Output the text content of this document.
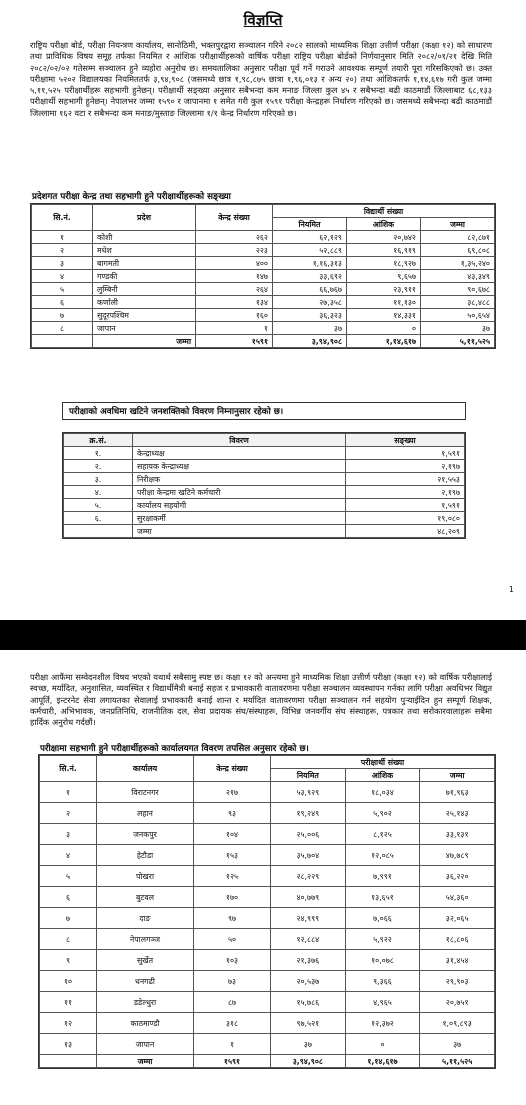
विज्ञप्ति
राष्ट्रिय परीक्षा बोर्ड, परीक्षा नियन्त्रण कार्यालय, सानोठिमी, भक्तपुरद्वारा सञ्चालन गरिने २०८२ सालको माध्यमिक शिक्षा उत्तीर्ण परीक्षा (कक्षा १२) को साधारण तथा प्राविधिक विषय समूह तर्फका नियमित र आंशिक परीक्षार्थीहरूको वार्षिक परीक्षा राष्ट्रिय परीक्षा बोर्डको निर्णयानुसार मिति २०८२/०१/२१ देखि मिति २०८२/०२/०२ गतेसम्म सञ्चालन हुने व्यहोरा अनुरोध छ। समयतालिका अनुसार परीक्षा पूर्व गर्ने गराउने आवश्यक सम्पूर्ण तयारी पूरा गरिसकिएको छ। उक्त परीक्षामा ५२०२ विद्यालयका नियमिततर्फ ३,९४,९०८ (जसमध्ये छात्र १,९८,८७५ छात्रा १,९६,०१३ र अन्य २०) तथा आंशिकतर्फ १,१४,६१७ गरी कुल जम्मा ५,११,५२५ परीक्षार्थीहरू सहभागी हुनेछन्। परीक्षार्थी सङ्ख्या अनुसार सबैभन्दा कम मनाङ जिल्ला कुल ४५ र सबैभन्दा बढी काठमाडौं जिल्लाबाट ६८,१३३ परीक्षार्थी सहभागी हुनेछन्। नेपालभर जम्मा १५९० र जापानमा १ समेत गरी कुल १५९१ परीक्षा केन्द्रहरू निर्धारण गरिएको छ। जसमध्ये सबैभन्दा बढी काठमाडौं जिल्लामा १६२ वटा र सबैभन्दा कम मनाङ/मुस्ताङ जिल्लामा १/१ केन्द्र निर्धारण गरिएको छ।
प्रदेशगत परीक्षा केन्द्र तथा सहभागी हुने परीक्षार्थीहरूको सङ्ख्या
सि.नं.	प्रदेश	केन्द्र संख्या	विद्यार्थी संख्या		
			नियमित	आंशिक	जम्मा
१	कोशी	२६२	६२,१२९	२०,७४२	८२,८७१
२	मधेश	२२३	५२,८८९	१६,९१९	६९,८०८
३	बागमती	४००	१,१६,३१३	१८,९२७	१,३५,२४०
४	गण्डकी	१४७	३३,६९२	९,६५७	४३,३४९
५	लुम्बिनी	२६४	६६,७६७	२३,९११	९०,६७८
६	कर्णाली	१३४	२७,३५८	११,१३०	३८,४८८
७	सुदूरपश्चिम	१६०	३६,३२३	१४,३३१	५०,६५४
८	जापान	१	३७	०	३७
	जम्मा	१५९१	३,९४,९०८	१,१४,६१७	५,११,५२५
परीक्षाको अवधिमा खटिने जनशक्तिको विवरण निम्नानुसार रहेको छ।
क्र.सं.	विवरण	सङ्ख्या
१.	केन्द्राध्यक्ष	१,५९१
२.	सहायक केन्द्राध्यक्ष	२,१९७
३.	निरीक्षक	२१,५५३
४.	परीक्षा केन्द्रमा खटिने कर्मचारी	२,१९७
५.	कार्यालय सहयोगी	१,५९१
६.	सुरक्षाकर्मी	१९,०८०
	जम्मा	४८,२०९
1
परीक्षा आफैंमा सम्वेदनशील विषय भएको यथार्थ सबैसामु स्पष्ट छ। कक्षा १२ को अन्त्यमा हुने माध्यमिक शिक्षा उत्तीर्ण परीक्षा (कक्षा १२) को वार्षिक परीक्षालाई स्वच्छ, मर्यादित, अनुशासित, व्यवस्थित र विद्यार्थीमैत्री बनाई सहज र प्रभावकारी वातावरणमा परीक्षा सञ्चालन व्यवस्थापन गर्नका लागि परीक्षा अवधिभर विद्युत आपूर्ति, इन्टरनेट सेवा लगायतका सेवालाई प्रभावकारी बनाई शान्त र मर्यादित वातावरणमा परीक्षा सञ्चालन गर्न सहयोग पुऱ्याईदिन हुन सम्पूर्ण शिक्षक, कर्मचारी, अभिभावक, जनप्रतिनिधि, राजनीतिक दल, सेवा प्रदायक संघ/संस्थाहरू, विभिन्न जनवर्गीय संघ संस्थाहरू, पत्रकार तथा सरोकारवालाहरू सबैमा हार्दिक अनुरोध गर्दछौं।
परीक्षामा सहभागी हुने परीक्षार्थीहरूको कार्यालयगत विवरण तपसिल अनुसार रहेको छ।
सि.नं.	कार्यालय	केन्द्र संख्या	परीक्षार्थी संख्या		
			नियमित	आंशिक	जम्मा
१	विराटनगर	२१७	५३,९२९	१८,०३४	७१,९६३
२	लहान	९३	१९,२४९	५,९०२	२५,१४३
३	जनकपुर	१०४	२५,००६	८,१२५	३३,१३१
४	हेटौडा	१५३	३५,७०४	१२,०८५	४७,७८९
५	पोखरा	१२५	२८,२२९	७,९९१	३६,२२०
६	बुटवल	१७०	४०,७७९	१३,६५१	५४,३६०
७	दाङ	९७	२४,९९९	७,०६६	३२,०६५
८	नेपालगञ्ज	५०	१२,८८४	५,९२२	१८,८०६
९	सुर्खेत	१०३	२१,३७६	१०,०७८	३१,४५४
१०	धनगढी	७३	२०,५३७	९,३६६	२९,९०३
११	डडेल्धुरा	८७	१५,७८६	४,९६५	२०,७५१
१२	काठमाण्डौ	३१८	९७,५२१	१२,३७२	१,०९,८९३
१३	जापान	१	३७	०	३७
	जम्मा	१५९१	३,९४,९०८	१,१४,६१७	५,११,५२५
